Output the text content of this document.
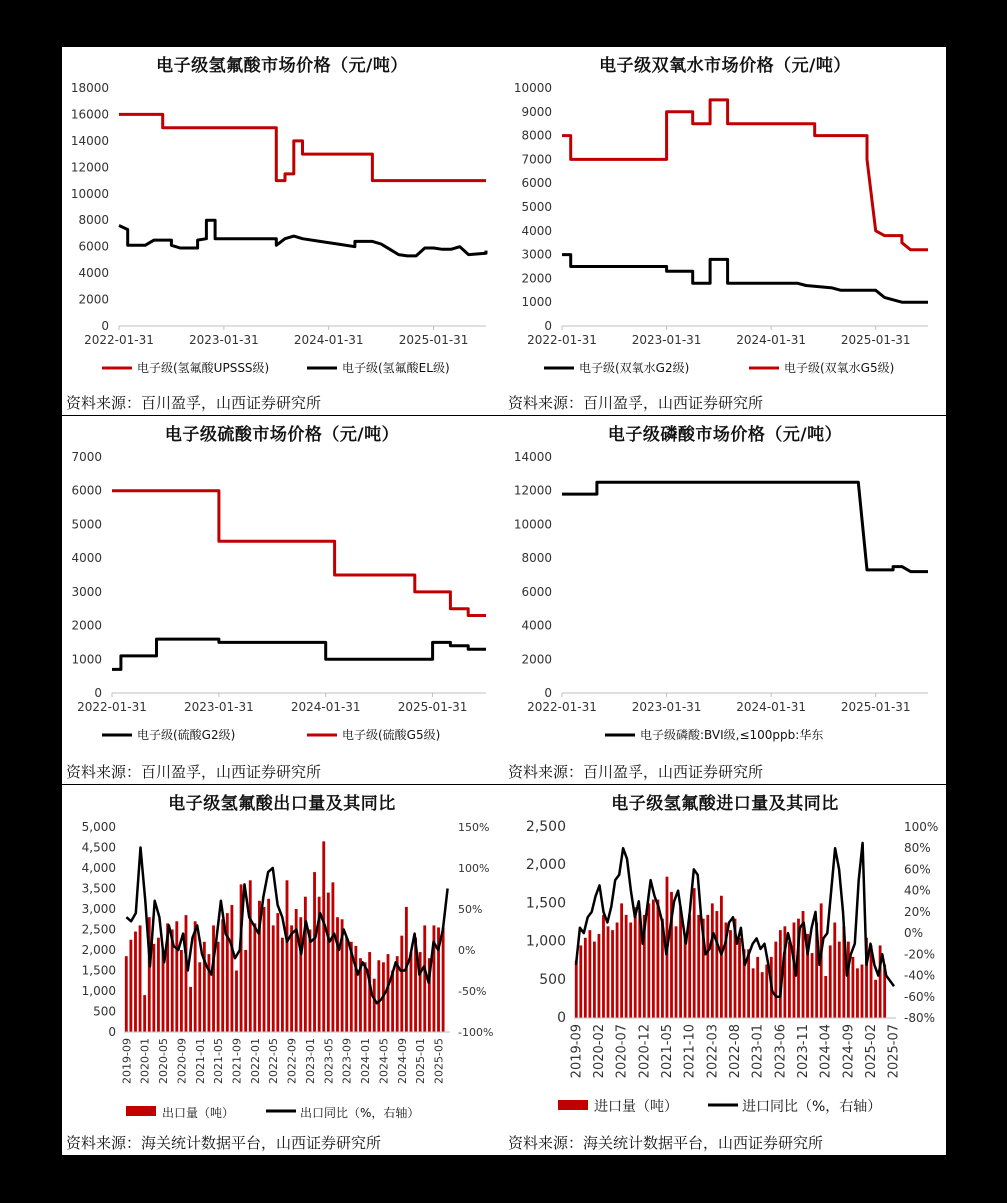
电子级氢氟酸市场价格（元/吨）
0
2000
4000
6000
8000
10000
12000
14000
16000
18000
2022-01-31	2023-01-31	2024-01-31	2025-01-31
电子级(氢氟酸UPSSS级)	电子级(氢氟酸EL级)
资料来源：百川盈孚，山西证券研究所
电子级双氧水市场价格（元/吨）
0
1000
2000
3000
4000
5000
6000
7000
8000
9000
10000
2022-01-31	2023-01-31	2024-01-31	2025-01-31
电子级(双氧水G2级)	电子级(双氧水G5级)
资料来源：百川盈孚，山西证券研究所
电子级硫酸市场价格（元/吨）
0
1000
2000
3000
4000
5000
6000
7000
2022-01-31	2023-01-31	2024-01-31	2025-01-31
电子级(硫酸G2级)	电子级(硫酸G5级)
资料来源：百川盈孚，山西证券研究所
电子级磷酸市场价格（元/吨）
0
2000
4000
6000
8000
10000
12000
14000
2022-01-31	2023-01-31	2024-01-31	2025-01-31
电子级磷酸:BVI级,≤100ppb:华东
资料来源：百川盈孚，山西证券研究所
电子级氢氟酸出口量及其同比
0
500
1,000
1,500
2,000
2,500
3,000
3,500
4,000
4,500
5,000
-100%
-50%
0%
50%
100%
150%
2019-09 2020-01 2020-05 2020-09 2021-01 2021-05 2021-09 2022-01 2022-05 2022-09 2023-01 2023-05 2023-09 2024-01 2024-05 2024-09 2025-01 2025-05
出口量（吨）	出口同比（%，右轴）
资料来源：海关统计数据平台，山西证券研究所
电子级氢氟酸进口量及其同比
0
500
1,000
1,500
2,000
2,500
-80%
-60%
-40%
-20%
0%
20%
40%
60%
80%
100%
2019-09 2020-02 2020-07 2020-12 2021-05 2021-10 2022-03 2022-08 2023-01 2023-06 2023-11 2024-04 2024-09 2025-02 2025-07
进口量（吨）	进口同比（%，右轴）
资料来源：海关统计数据平台，山西证券研究所
